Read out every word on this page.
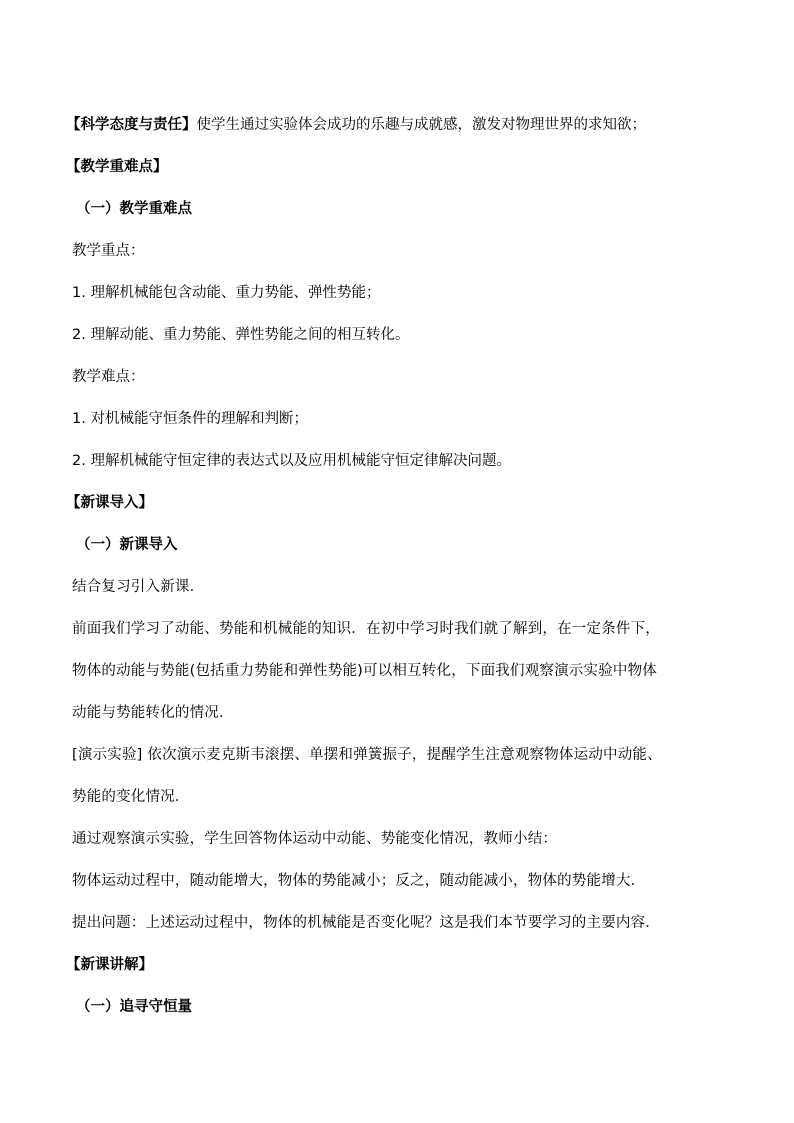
【科学态度与责任】使学生通过实验体会成功的乐趣与成就感，激发对物理世界的求知欲；
【教学重难点】
（一）教学重难点
教学重点：
1. 理解机械能包含动能、重力势能、弹性势能；
2. 理解动能、重力势能、弹性势能之间的相互转化。
教学难点：
1. 对机械能守恒条件的理解和判断；
2. 理解机械能守恒定律的表达式以及应用机械能守恒定律解决问题。
【新课导入】
（一）新课导入
结合复习引入新课．
前面我们学习了动能、势能和机械能的知识．在初中学习时我们就了解到，在一定条件下，
物体的动能与势能(包括重力势能和弹性势能)可以相互转化，下面我们观察演示实验中物体
动能与势能转化的情况．
[演示实验] 依次演示麦克斯韦滚摆、单摆和弹簧振子，提醒学生注意观察物体运动中动能、
势能的变化情况．
通过观察演示实验，学生回答物体运动中动能、势能变化情况，教师小结：
物体运动过程中，随动能增大，物体的势能减小；反之，随动能减小，物体的势能增大．
提出问题：上述运动过程中，物体的机械能是否变化呢？这是我们本节要学习的主要内容．
【新课讲解】
（一）追寻守恒量
